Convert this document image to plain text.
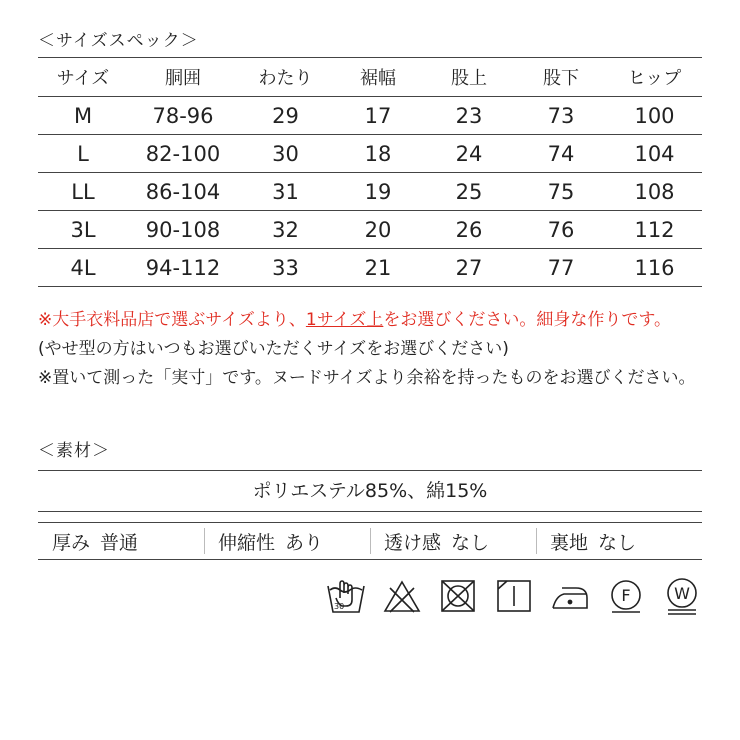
＜サイズスペック＞
サイズ	胴囲	わたり	裾幅	股上	股下	ヒップ
M	78-96	29	17	23	73	100
L	82-100	30	18	24	74	104
LL	86-104	31	19	25	75	108
3L	90-108	32	20	26	76	112
4L	94-112	33	21	27	77	116
※大手衣料品店で選ぶサイズより、1サイズ上をお選びください。細身な作りです。
(やせ型の方はいつもお選びいただくサイズをお選びください)
※置いて測った「実寸」です。ヌードサイズより余裕を持ったものをお選びください。
＜素材＞
ポリエステル85%、綿15%
厚み 普通	伸縮性 あり	透け感 なし	裏地 なし
30
F	W
